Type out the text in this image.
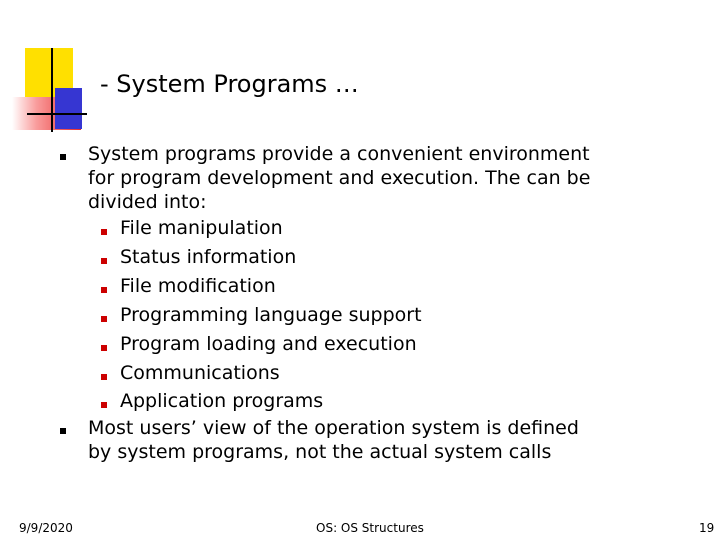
- System Programs …
System programs provide a convenient environment for program development and execution. The can be divided into:
File manipulation
Status information
File modification
Programming language support
Program loading and execution
Communications
Application programs
Most users’ view of the operation system is defined by system programs, not the actual system calls
9/9/2020	OS: OS Structures	19
